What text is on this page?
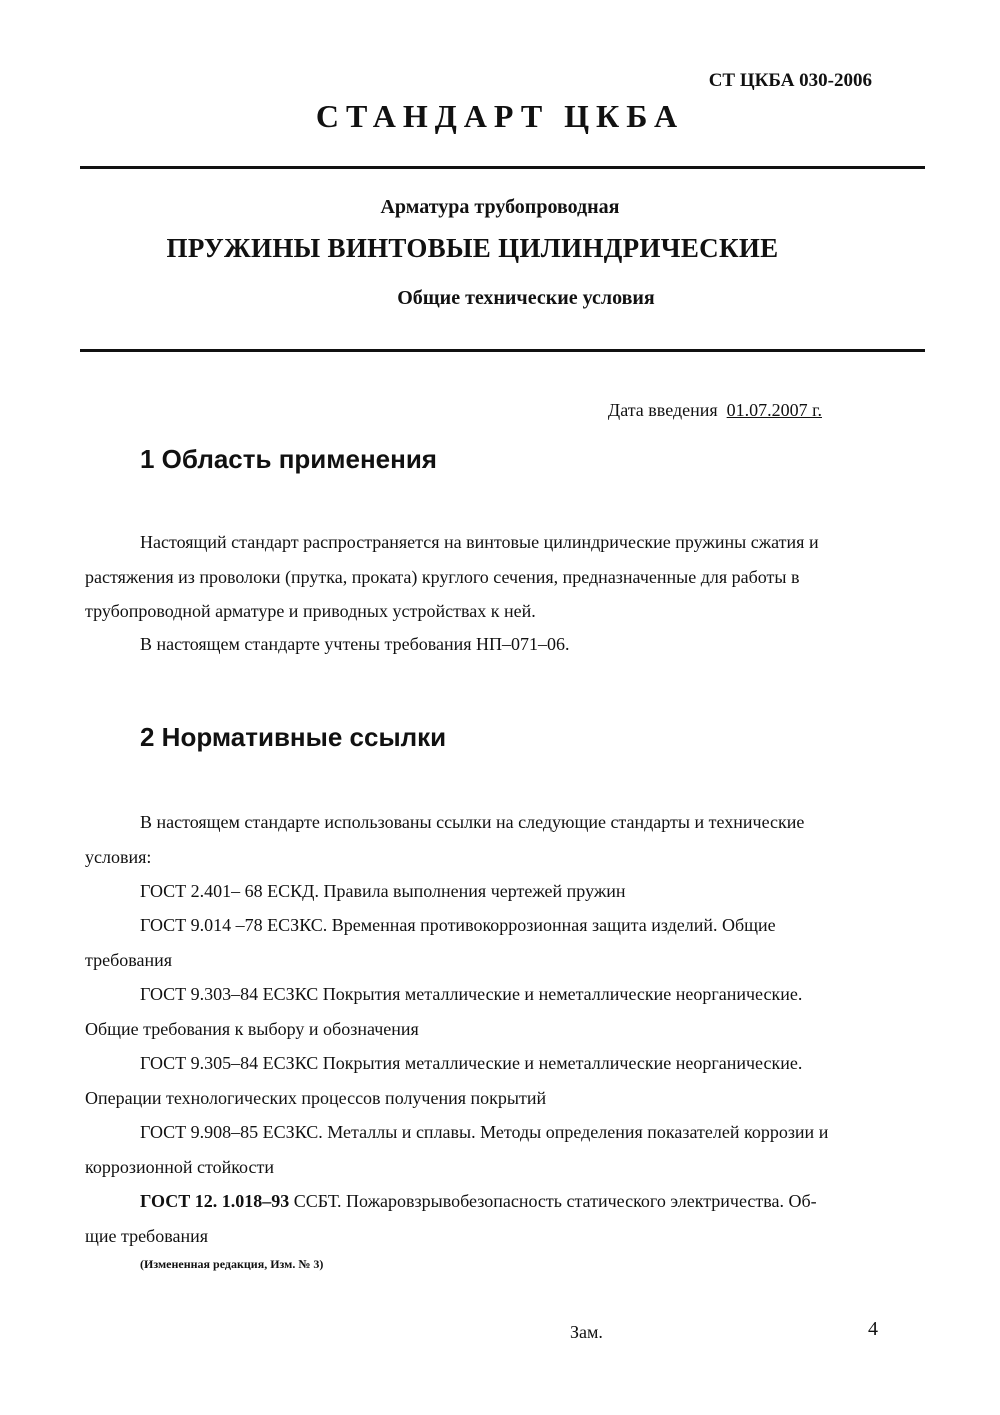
СТ ЦКБА 030-2006
СТАНДАРТ ЦКБА
Арматура трубопроводная
ПРУЖИНЫ ВИНТОВЫЕ ЦИЛИНДРИЧЕСКИЕ
Общие технические условия
Дата введения 01.07.2007 г.
1 Область применения
Настоящий стандарт распространяется на винтовые цилиндрические пружины сжатия и
растяжения из проволоки (прутка, проката) круглого сечения, предназначенные для работы в
трубопроводной арматуре и приводных устройствах к ней.
В настоящем стандарте учтены требования НП–071–06.
2 Нормативные ссылки
В настоящем стандарте использованы ссылки на следующие стандарты и технические
условия:
ГОСТ 2.401– 68 ЕСКД. Правила выполнения чертежей пружин
ГОСТ 9.014 –78 ЕСЗКС. Временная противокоррозионная защита изделий. Общие
требования
ГОСТ 9.303–84 ЕСЗКС Покрытия металлические и неметаллические неорганические.
Общие требования к выбору и обозначения
ГОСТ 9.305–84 ЕСЗКС Покрытия металлические и неметаллические неорганические.
Операции технологических процессов получения покрытий
ГОСТ 9.908–85 ЕСЗКС. Металлы и сплавы. Методы определения показателей коррозии и
коррозионной стойкости
ГОСТ 12. 1.018–93 ССБТ. Пожаровзрывобезопасность статического электричества. Об-
щие требования
(Измененная редакция, Изм. № 3)
Зам.	4
